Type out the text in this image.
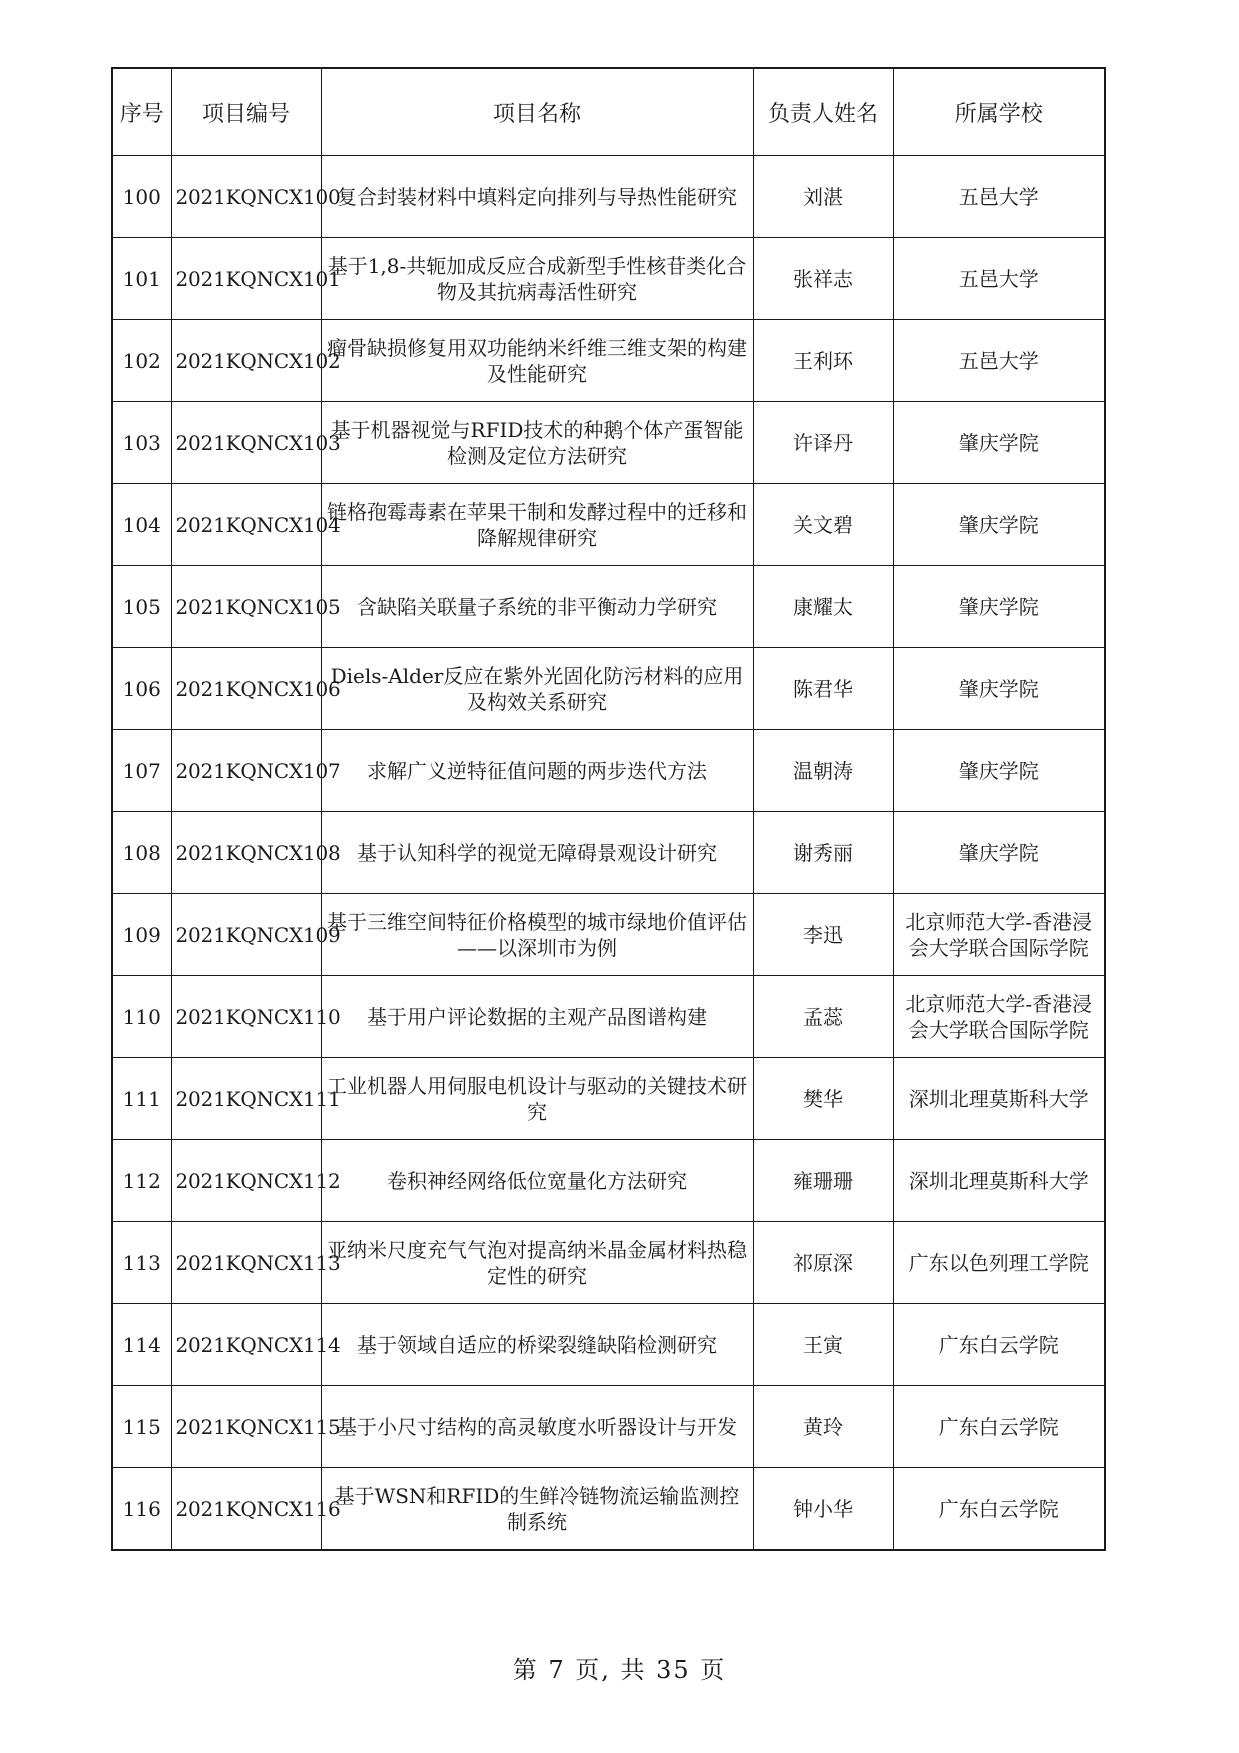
序号	项目编号	项目名称	负责人姓名	所属学校
100	2021KQNCX100	复合封装材料中填料定向排列与导热性能研究	刘湛	五邑大学
101	2021KQNCX101	基于1,8-共轭加成反应合成新型手性核苷类化合物及其抗病毒活性研究	张祥志	五邑大学
102	2021KQNCX102	瘤骨缺损修复用双功能纳米纤维三维支架的构建及性能研究	王利环	五邑大学
103	2021KQNCX103	基于机器视觉与RFID技术的种鹅个体产蛋智能检测及定位方法研究	许译丹	肇庆学院
104	2021KQNCX104	链格孢霉毒素在苹果干制和发酵过程中的迁移和降解规律研究	关文碧	肇庆学院
105	2021KQNCX105	含缺陷关联量子系统的非平衡动力学研究	康耀太	肇庆学院
106	2021KQNCX106	Diels-Alder反应在紫外光固化防污材料的应用及构效关系研究	陈君华	肇庆学院
107	2021KQNCX107	求解广义逆特征值问题的两步迭代方法	温朝涛	肇庆学院
108	2021KQNCX108	基于认知科学的视觉无障碍景观设计研究	谢秀丽	肇庆学院
109	2021KQNCX109	基于三维空间特征价格模型的城市绿地价值评估——以深圳市为例	李迅	北京师范大学-香港浸会大学联合国际学院
110	2021KQNCX110	基于用户评论数据的主观产品图谱构建	孟蕊	北京师范大学-香港浸会大学联合国际学院
111	2021KQNCX111	工业机器人用伺服电机设计与驱动的关键技术研究	樊华	深圳北理莫斯科大学
112	2021KQNCX112	卷积神经网络低位宽量化方法研究	雍珊珊	深圳北理莫斯科大学
113	2021KQNCX113	亚纳米尺度充气气泡对提高纳米晶金属材料热稳定性的研究	祁原深	广东以色列理工学院
114	2021KQNCX114	基于领域自适应的桥梁裂缝缺陷检测研究	王寅	广东白云学院
115	2021KQNCX115	基于小尺寸结构的高灵敏度水听器设计与开发	黄玲	广东白云学院
116	2021KQNCX116	基于WSN和RFID的生鲜冷链物流运输监测控制系统	钟小华	广东白云学院
第 7 页, 共 35 页
